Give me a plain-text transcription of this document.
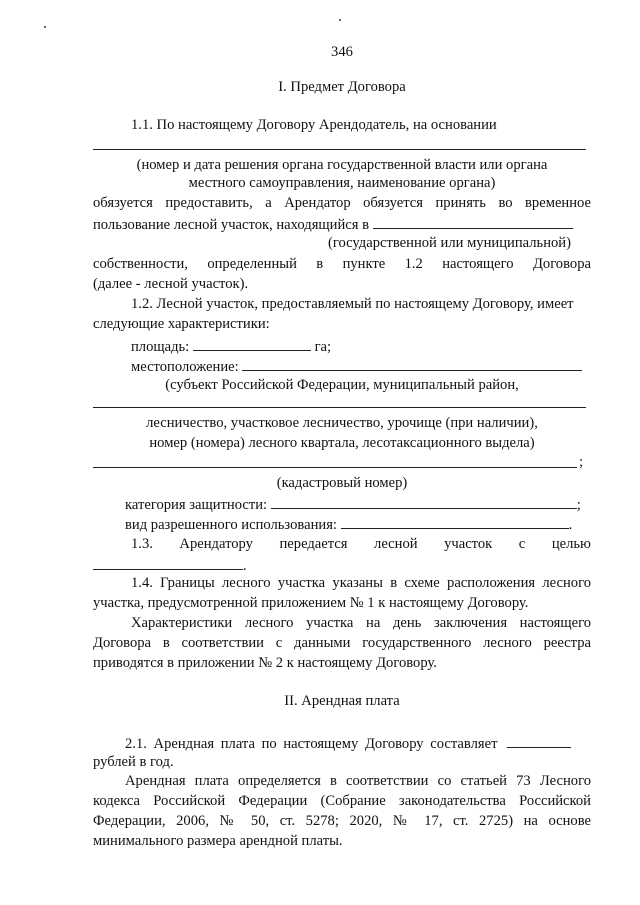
346
I. Предмет Договора
1.1. По настоящему Договору Арендодатель, на основании
(номер и дата решения органа государственной власти или органа
местного самоуправления, наименование органа)
обязуется предоставить, а Арендатор обязуется принять во временное
пользование лесной участок, находящийся в
(государственной или муниципальной)
собственности, определенный в пункте 1.2 настоящего Договора
(далее - лесной участок).
1.2. Лесной участок, предоставляемый по настоящему Договору, имеет
следующие характеристики:
площадь:	га;
местоположение:
(субъект Российской Федерации, муниципальный район,
лесничество, участковое лесничество, урочище (при наличии),
номер (номера) лесного квартала, лесотаксационного выдела)
;
(кадастровый номер)
категория защитности:	;
вид разрешенного использования:	.
1.3. Арендатору передается лесной участок с целью
.
1.4. Границы лесного участка указаны в схеме расположения лесного
участка, предусмотренной приложением № 1 к настоящему Договору.
Характеристики лесного участка на день заключения настоящего
Договора в соответствии с данными государственного лесного реестра
приводятся в приложении № 2 к настоящему Договору.
II. Арендная плата
2.1. Арендная плата по настоящему Договору составляет
рублей в год.
Арендная плата определяется в соответствии со статьей 73 Лесного
кодекса Российской Федерации (Собрание законодательства Российской
Федерации, 2006, № 50, ст. 5278; 2020, № 17, ст. 2725) на основе
минимального размера арендной платы.
